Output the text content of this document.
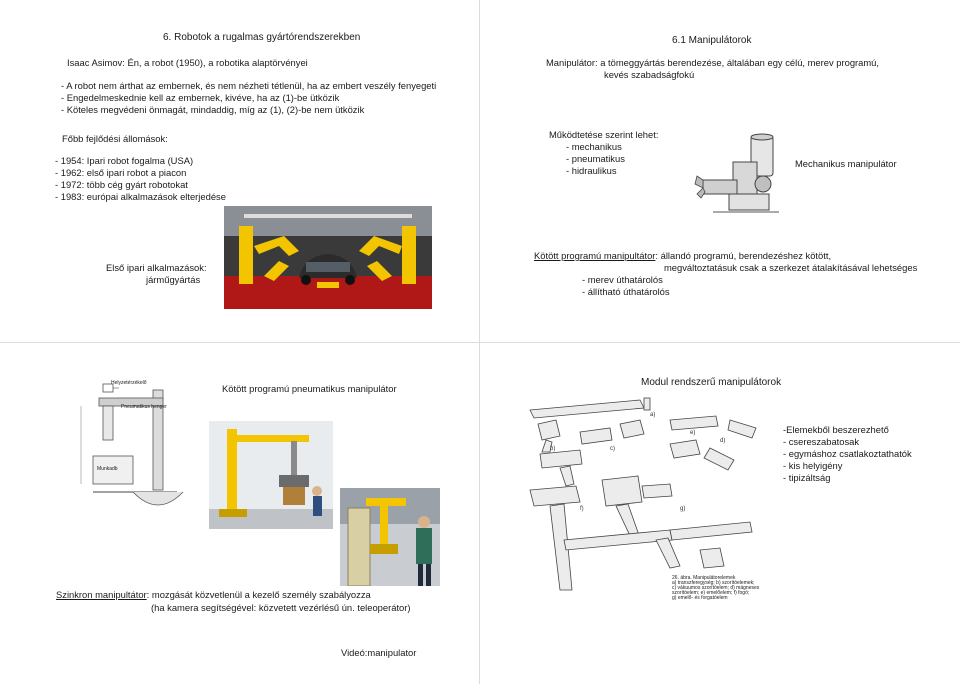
6. Robotok a rugalmas gyártórendszerekben
Isaac Asimov: Én, a robot (1950), a robotika alaptörvényei
- A robot nem árthat az embernek, és nem nézheti tétlenül, ha az embert veszély fenyegeti
- Engedelmeskednie kell az embernek, kivéve, ha az (1)-be ütközik
- Köteles megvédeni önmagát, mindaddig, míg az (1), (2)-be nem ütközik
Főbb fejlődési állomások:
- 1954: Ipari robot fogalma (USA)
- 1962: első ipari robot a piacon
- 1972: több cég gyárt robotokat
- 1983: európai alkalmazások elterjedése
Első ipari alkalmazások:
járműgyártás
6.1 Manipulátorok
Manipulátor: a tömeggyártás berendezése, általában egy célú, merev programú,
kevés szabadságfokú
Működtetése szerint lehet:
- mechanikus
- pneumatikus
- hidraulikus
Mechanikus manipulátor
Kötött programú manipultátor: állandó programú, berendezéshez kötött,
megváltoztatásuk csak a szerkezet átalakításával lehetséges
- merev úthatárolós
- állítható úthatárolós
Helyzetérzékelő
Pneumatikus henger
Munkadb
Kötött programú pneumatikus manipulátor
Szinkron manipultátor: mozgását közvetlenül a kezelő személy szabályozza
(ha kamera segítségével: közvetett vezérlésű ún. teleoperátor)
Videó:manipulator
Modul rendszerű manipulátorok
a)
b)	c)
d)
e)
f)	g)
26. ábra. Manipulátorelemek
a) transzferegység; b) szorítóelemek;
c) vákuumos szorítóelem; d) mágneses
szorítóelem; e) emelőelem; f) fogó;
g) emelő- és forgatóelem
-Elemekből beszerezhető
- csereszabatosak
- egymáshoz csatlakoztathatók
- kis helyigény
- tipizáltság
